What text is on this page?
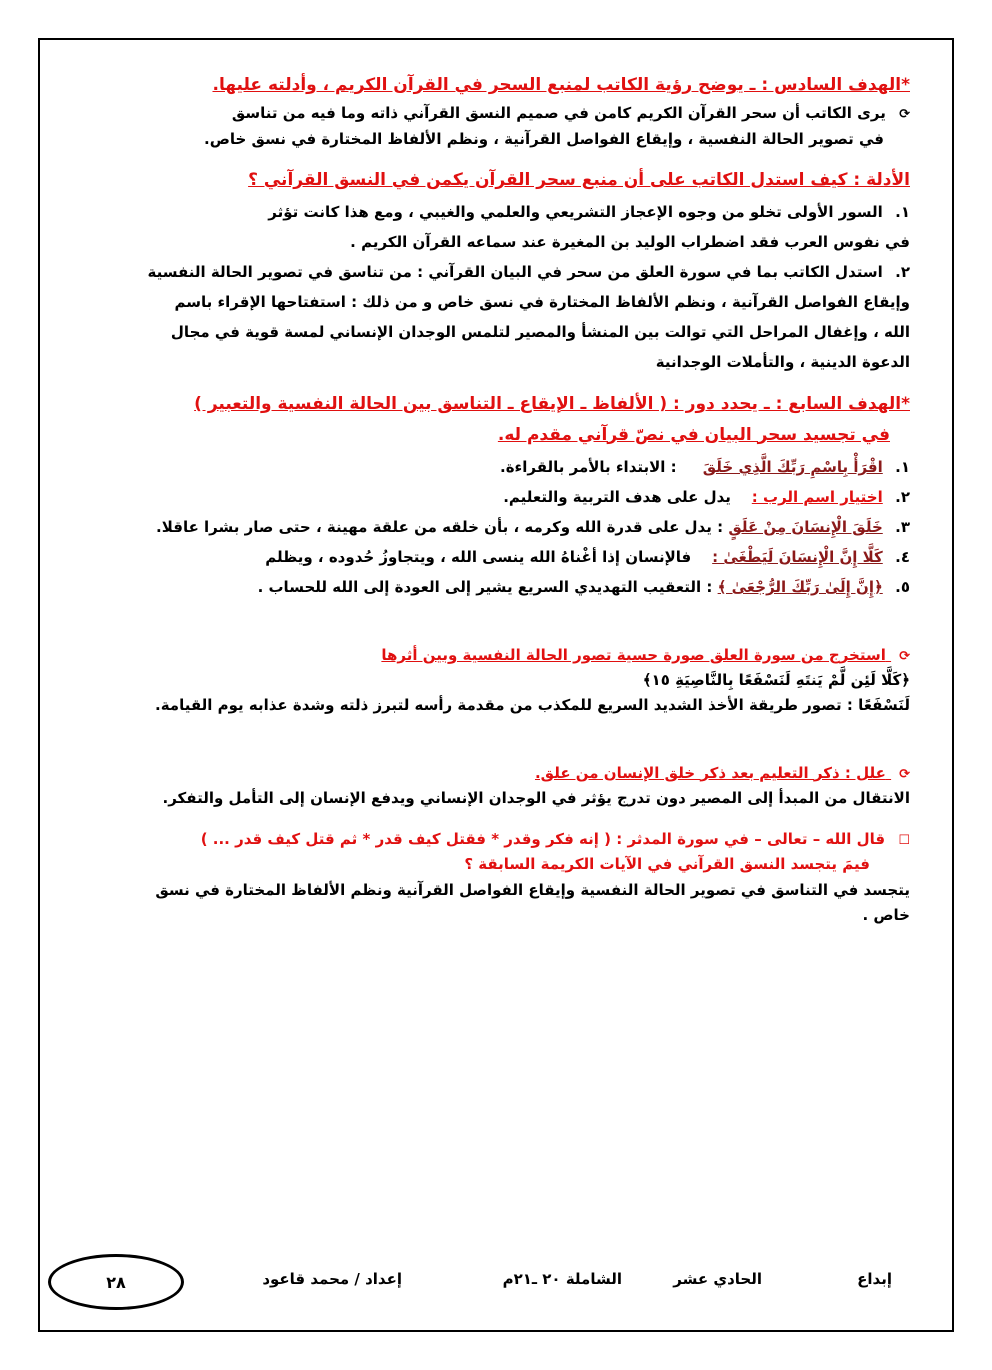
*الهدف السادس : ـ يوضح رؤية الكاتب لمنبع السحر في القرآن الكريم ، وأدلته عليها.
⟳ يرى الكاتب أن سحر القرآن الكريم كامن في صميم النسق القرآني ذاته وما فيه من تناسق
في تصوير الحالة النفسية ، وإيقاع الفواصل القرآنية ، ونظم الألفاظ المختارة في نسق خاص.
الأدلة : كيف استدل الكاتب على أن منبع سحر القرآن يكمن في النسق القرآني ؟
١. السور الأولى تخلو من وجوه الإعجاز التشريعي والعلمي والغيبي ، ومع هذا كانت تؤثر
في نفوس العرب فقد اضطراب الوليد بن المغيرة عند سماعه القرآن الكريم .
٢. استدل الكاتب بما في سورة العلق من سحر في البيان القرآني : من تناسق في تصوير الحالة النفسية
وإيقاع الفواصل القرآنية ، ونظم الألفاظ المختارة في نسق خاص و من ذلك : استفتاحها الإقراء باسم
الله ، وإغفال المراحل التي توالت بين المنشأ والمصير لتلمس الوجدان الإنساني لمسة قوية في مجال
الدعوة الدينية ، والتأملات الوجدانية
*الهدف السابع : ـ يحدد دور : ( الألفاظ ـ الإيقاع ـ التناسق بين الحالة النفسية والتعبير )
في تجسيد سحر البيان في نصّ قرآني مقدم له.
١. اقْرَأْ بِاسْمِ رَبِّكَ الَّذِي خَلَقَ     : الابتداء بالأمر بالقراءة.
٢. اختيار اسم الرب :    يدل على هدف التربية والتعليم.
٣. خَلَقَ الْإِنسَانَ مِنْ عَلَقٍ : يدل على قدرة الله وكرمه ، بأن خلقه من علقة مهينة ، حتى صار بشرا عاقلا.
٤. كَلَّا إِنَّ الْإِنسَانَ لَيَطْغَىٰ :    فالإنسان إذا أغْناهُ الله ينسى الله ، ويتجاوزُ حُدوده ، ويظلم
٥. ﴿إِنَّ إِلَىٰ رَبِّكَ الرُّجْعَىٰ ﴾ : التعقيب التهديدي السريع يشير إلى العودة إلى الله للحساب .
⟳ استخرج من سورة العلق صورة حسية تصور الحالة النفسية وبين أثرها
﴿كَلَّا لَئِن لَّمْ يَنتَهِ لَنَسْفَعًا بِالنَّاصِيَةِ ١٥﴾
لَنَسْفَعًا : تصور طريقة الأخذ الشديد السريع للمكذب من مقدمة رأسه لتبرز ذلته وشدة عذابه يوم القيامة.
⟳ علل : ذكر التعليم بعد ذكر خلق الإنسان من علق.
الانتقال من المبدأ إلى المصير دون تدرج يؤثر في الوجدان الإنساني ويدفع الإنسان إلى التأمل والتفكر.
☐ قال الله – تعالى – في سورة المدثر : ( إنه فكر وقدر * فقتل كيف قدر * ثم قتل كيف قدر ... )
فيمَ يتجسد النسق القرآني في الآيات الكريمة السابقة ؟
يتجسد في التناسق في تصوير الحالة النفسية وإيقاع الفواصل القرآنية ونظم الألفاظ المختارة في نسق
خاص .
إبداع
الحادي عشر
الشاملة ٢٠ ـ٢١م
إعداد / محمد قاعود
٢٨
